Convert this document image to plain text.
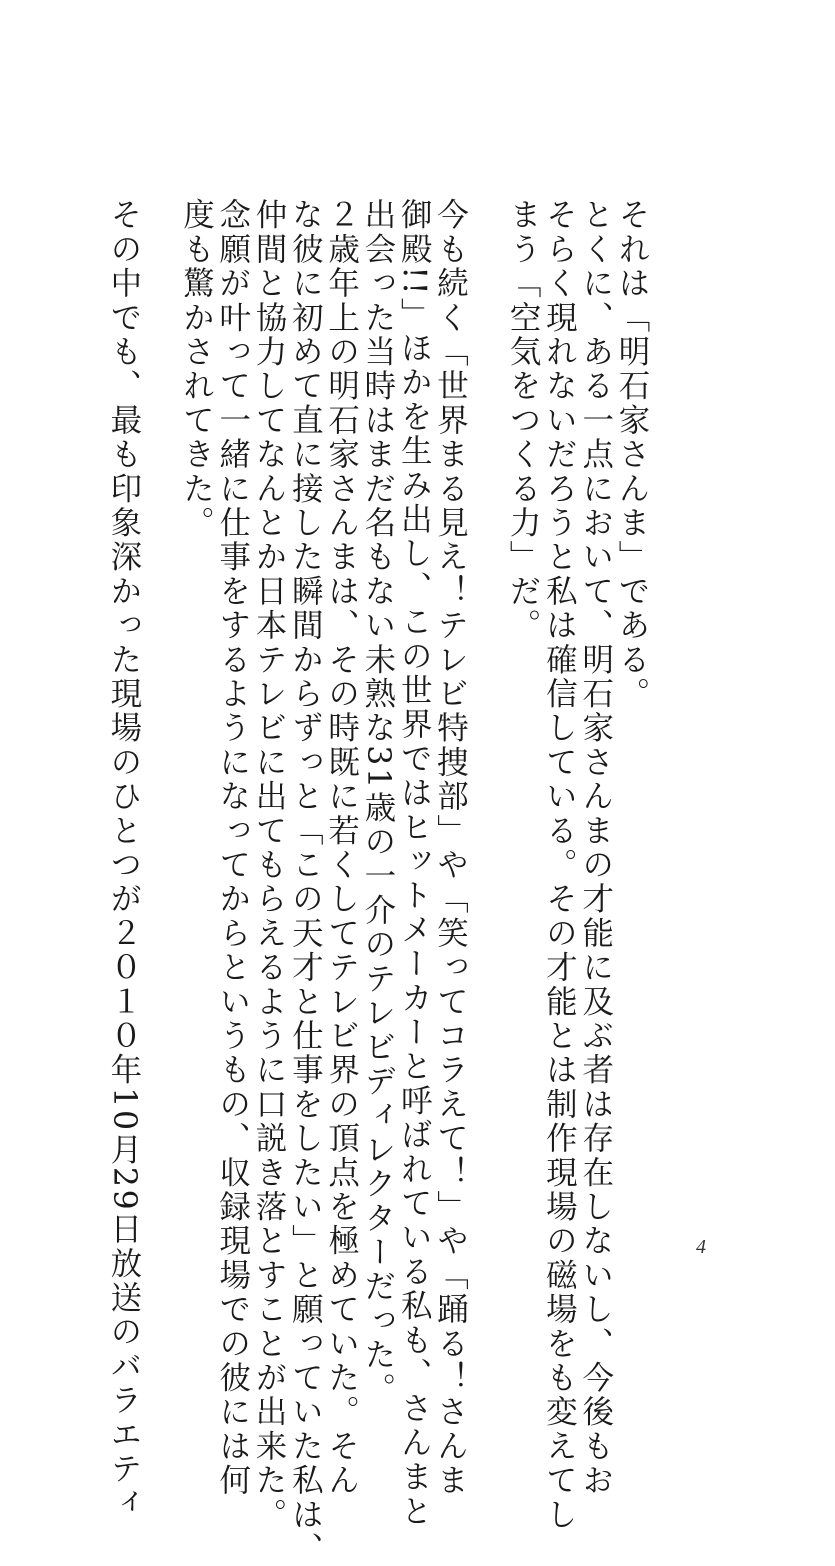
それは「明石家さんま」である。
とくに、ある一点において、明石家さんまの才能に及ぶ者は存在しないし、今後もお
そらく現れないだろうと私は確信している。その才能とは制作現場の磁場をも変えてし
まう「空気をつくる力」だ。
今も続く「世界まる見え！テレビ特捜部」や「笑ってコラえて！」や「踊る！さんま
御殿!!」ほかを生み出し、この世界ではヒットメーカーと呼ばれている私も、さんまと
出会った当時はまだ名もない未熟な31歳の一介のテレビディレクターだった。
２歳年上の明石家さんまは、その時既に若くしてテレビ界の頂点を極めていた。そん
な彼に初めて直に接した瞬間からずっと「この天才と仕事をしたい」と願っていた私は、
仲間と協力してなんとか日本テレビに出てもらえるように口説き落とすことが出来た。
念願が叶って一緒に仕事をするようになってからというもの、収録現場での彼には何
度も驚かされてきた。
その中でも、最も印象深かった現場のひとつが２０１０年10月29日放送のバラエティ	4
